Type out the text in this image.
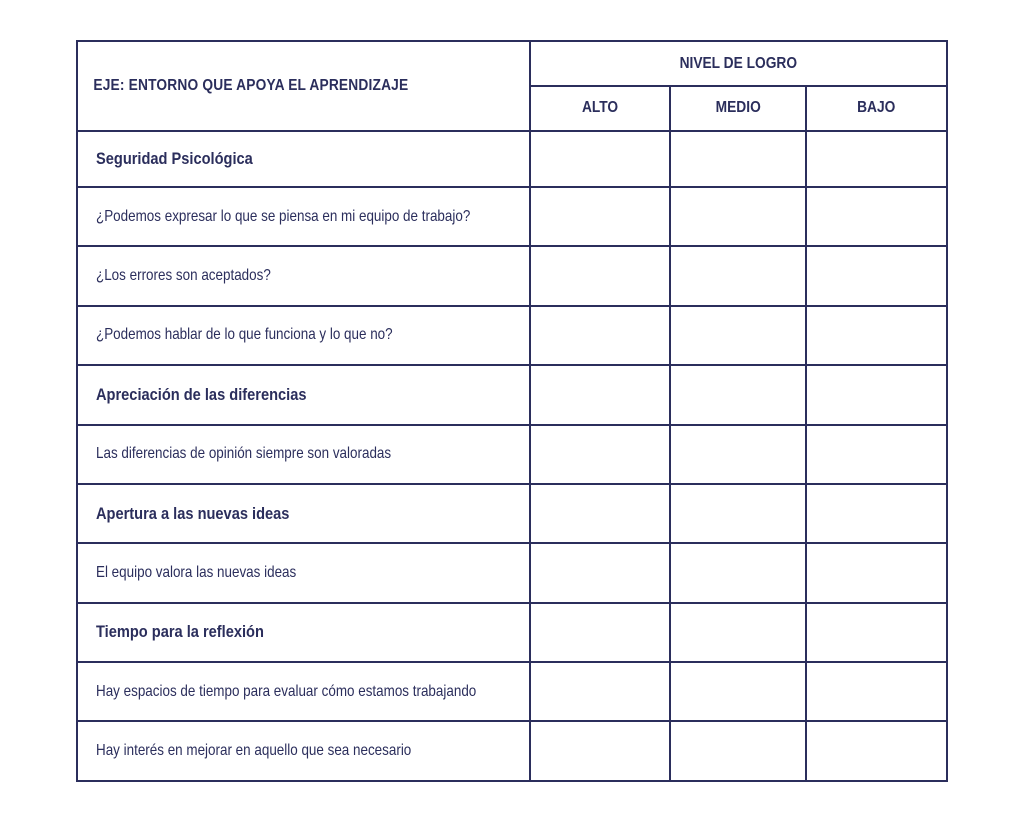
EJE: ENTORNO QUE APOYA EL APRENDIZAJE	NIVEL DE LOGRO		
	ALTO	MEDIO	BAJO
Seguridad Psicológica			
¿Podemos expresar lo que se piensa en mi equipo de trabajo?			
¿Los errores son aceptados?			
¿Podemos hablar de lo que funciona y lo que no?			
Apreciación de las diferencias			
Las diferencias de opinión siempre son valoradas			
Apertura a las nuevas ideas			
El equipo valora las nuevas ideas			
Tiempo para la reflexión			
Hay espacios de tiempo para evaluar cómo estamos trabajando			
Hay interés en mejorar en aquello que sea necesario			
